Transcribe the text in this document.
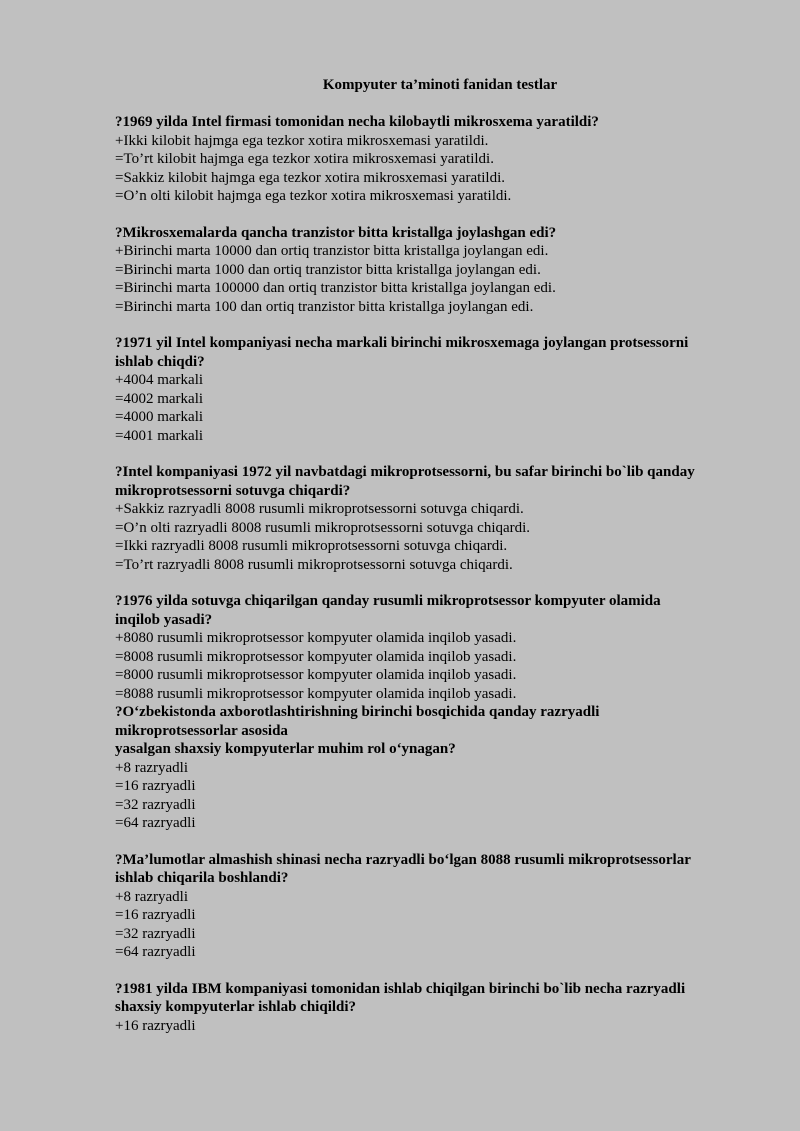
Kompyuter ta’minoti fanidan testlar
?1969 yilda Intel firmasi tomonidan necha kilobaytli mikrosxema yaratildi?
+Ikki kilobit hajmga ega tezkor xotira mikrosxemasi yaratildi.
=To’rt kilobit hajmga ega tezkor xotira mikrosxemasi yaratildi.
=Sakkiz kilobit hajmga ega tezkor xotira mikrosxemasi yaratildi.
=O’n olti kilobit hajmga ega tezkor xotira mikrosxemasi yaratildi.
?Mikrosxemalarda qancha tranzistor bitta kristallga joylashgan edi?
+Birinchi marta 10000 dan ortiq tranzistor bitta kristallga joylangan edi.
=Birinchi marta 1000 dan ortiq tranzistor bitta kristallga joylangan edi.
=Birinchi marta 100000 dan ortiq tranzistor bitta kristallga joylangan edi.
=Birinchi marta 100 dan ortiq tranzistor bitta kristallga joylangan edi.
?1971 yil Intel kompaniyasi necha markali birinchi mikrosxemaga joylangan protsessorni
ishlab chiqdi?
+4004 markali
=4002 markali
=4000 markali
=4001 markali
?Intel kompaniyasi 1972 yil navbatdagi mikroprotsessorni, bu safar birinchi bo`lib qanday
mikroprotsessorni sotuvga chiqardi?
+Sakkiz razryadli 8008 rusumli mikroprotsessorni sotuvga chiqardi.
=O’n olti razryadli 8008 rusumli mikroprotsessorni sotuvga chiqardi.
=Ikki razryadli 8008 rusumli mikroprotsessorni sotuvga chiqardi.
=To’rt razryadli 8008 rusumli mikroprotsessorni sotuvga chiqardi.
?1976 yilda sotuvga chiqarilgan qanday rusumli mikroprotsessor kompyuter olamida
inqilob yasadi?
+8080 rusumli mikroprotsessor kompyuter olamida inqilob yasadi.
=8008 rusumli mikroprotsessor kompyuter olamida inqilob yasadi.
=8000 rusumli mikroprotsessor kompyuter olamida inqilob yasadi.
=8088 rusumli mikroprotsessor kompyuter olamida inqilob yasadi.
?O‘zbekistonda axborotlashtirishning birinchi bosqichida qanday razryadli
mikroprotsessorlar asosida
yasalgan shaxsiy kompyuterlar muhim rol o‘ynagan?
+8 razryadli
=16 razryadli
=32 razryadli
=64 razryadli
?Ma’lumotlar almashish shinasi necha razryadli bo‘lgan 8088 rusumli mikroprotsessorlar
ishlab chiqarila boshlandi?
+8 razryadli
=16 razryadli
=32 razryadli
=64 razryadli
?1981 yilda IBM kompaniyasi tomonidan ishlab chiqilgan birinchi bo`lib necha razryadli
shaxsiy kompyuterlar ishlab chiqildi?
+16 razryadli
